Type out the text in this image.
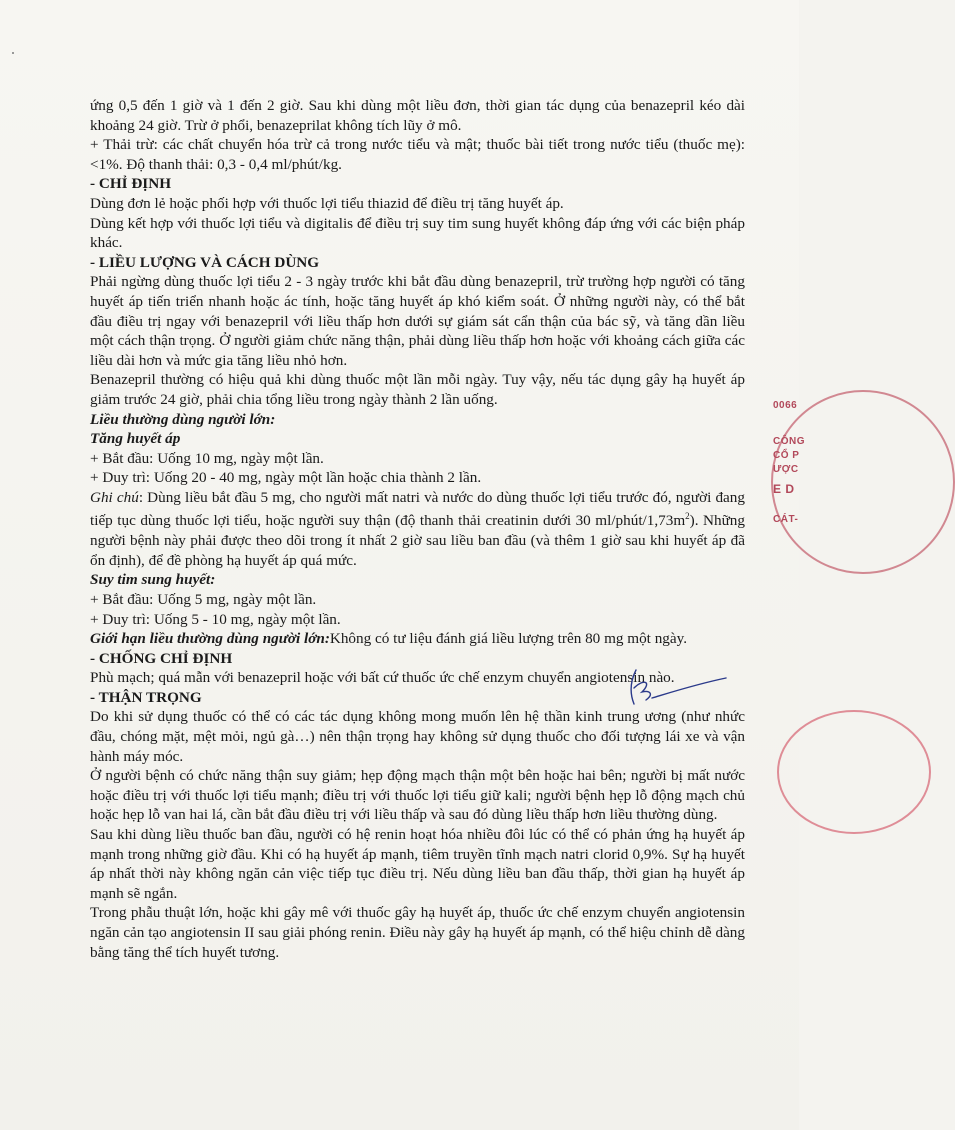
ứng 0,5 đến 1 giờ và 1 đến 2 giờ. Sau khi dùng một liều đơn, thời gian tác dụng của benazepril kéo dài khoảng 24 giờ. Trừ ở phổi, benazeprilat không tích lũy ở mô.

+ Thải trừ: các chất chuyển hóa trừ cả trong nước tiểu và mật; thuốc bài tiết trong nước tiểu (thuốc mẹ): <1%. Độ thanh thải: 0,3 - 0,4 ml/phút/kg.

- CHỈ ĐỊNH

Dùng đơn lẻ hoặc phối hợp với thuốc lợi tiểu thiazid để điều trị tăng huyết áp.

Dùng kết hợp với thuốc lợi tiểu và digitalis để điều trị suy tim sung huyết không đáp ứng với các biện pháp khác.

- LIỀU LƯỢNG VÀ CÁCH DÙNG

Phải ngừng dùng thuốc lợi tiểu 2 - 3 ngày trước khi bắt đầu dùng benazepril, trừ trường hợp người có tăng huyết áp tiến triển nhanh hoặc ác tính, hoặc tăng huyết áp khó kiểm soát. Ở những người này, có thể bắt đầu điều trị ngay với benazepril với liều thấp hơn dưới sự giám sát cẩn thận của bác sỹ, và tăng dần liều một cách thận trọng. Ở người giảm chức năng thận, phải dùng liều thấp hơn hoặc với khoảng cách giữa các liều dài hơn và mức gia tăng liều nhỏ hơn.

Benazepril thường có hiệu quả khi dùng thuốc một lần mỗi ngày. Tuy vậy, nếu tác dụng gây hạ huyết áp giảm trước 24 giờ, phải chia tổng liều trong ngày thành 2 lần uống.

Liều thường dùng người lớn:

Tăng huyết áp

+ Bắt đầu: Uống 10 mg, ngày một lần.

+ Duy trì: Uống 20 - 40 mg, ngày một lần hoặc chia thành 2 lần.

Ghi chú: Dùng liều bắt đầu 5 mg, cho người mất natri và nước do dùng thuốc lợi tiểu trước đó, người đang tiếp tục dùng thuốc lợi tiểu, hoặc người suy thận (độ thanh thải creatinin dưới 30 $ml/phút/1,73m^2$). Những người bệnh này phải được theo dõi trong ít nhất 2 giờ sau liều ban đầu (và thêm 1 giờ sau khi huyết áp đã ổn định), để đề phòng hạ huyết áp quá mức.

Suy tim sung huyết:

+ Bắt đầu: Uống 5 mg, ngày một lần.

+ Duy trì: Uống 5 - 10 mg, ngày một lần.

Giới hạn liều thường dùng người lớn:Không có tư liệu đánh giá liều lượng trên 80 mg một ngày.

- CHỐNG CHỈ ĐỊNH

Phù mạch; quá mẫn với benazepril hoặc với bất cứ thuốc ức chế enzym chuyển angiotensin nào.

- THẬN TRỌNG

Do khi sử dụng thuốc có thể có các tác dụng không mong muốn lên hệ thần kinh trung ương (như nhức đầu, chóng mặt, mệt mỏi, ngủ gà…) nên thận trọng hay không sử dụng thuốc cho đối tượng lái xe và vận hành máy móc.

Ở người bệnh có chức năng thận suy giảm; hẹp động mạch thận một bên hoặc hai bên; người bị mất nước hoặc điều trị với thuốc lợi tiểu mạnh; điều trị với thuốc lợi tiểu giữ kali; người bệnh hẹp lỗ động mạch chủ hoặc hẹp lỗ van hai lá, cần bắt đầu điều trị với liều thấp và sau đó dùng liều thấp hơn liều thường dùng.

Sau khi dùng liều thuốc ban đầu, người có hệ renin hoạt hóa nhiều đôi lúc có thể có phản ứng hạ huyết áp mạnh trong những giờ đầu. Khi có hạ huyết áp mạnh, tiêm truyền tĩnh mạch natri clorid 0,9%. Sự hạ huyết áp nhất thời này không ngăn cản việc tiếp tục điều trị. Nếu dùng liều ban đầu thấp, thời gian hạ huyết áp mạnh sẽ ngắn.

Trong phẫu thuật lớn, hoặc khi gây mê với thuốc gây hạ huyết áp, thuốc ức chế enzym chuyển angiotensin ngăn cản tạo angiotensin II sau giải phóng renin. Điều này gây hạ huyết áp mạnh, có thể hiệu chỉnh dễ dàng bằng tăng thể tích huyết tương.

0066
CÔNG
CỔ P
ƯỢC
E D
CÁT-
